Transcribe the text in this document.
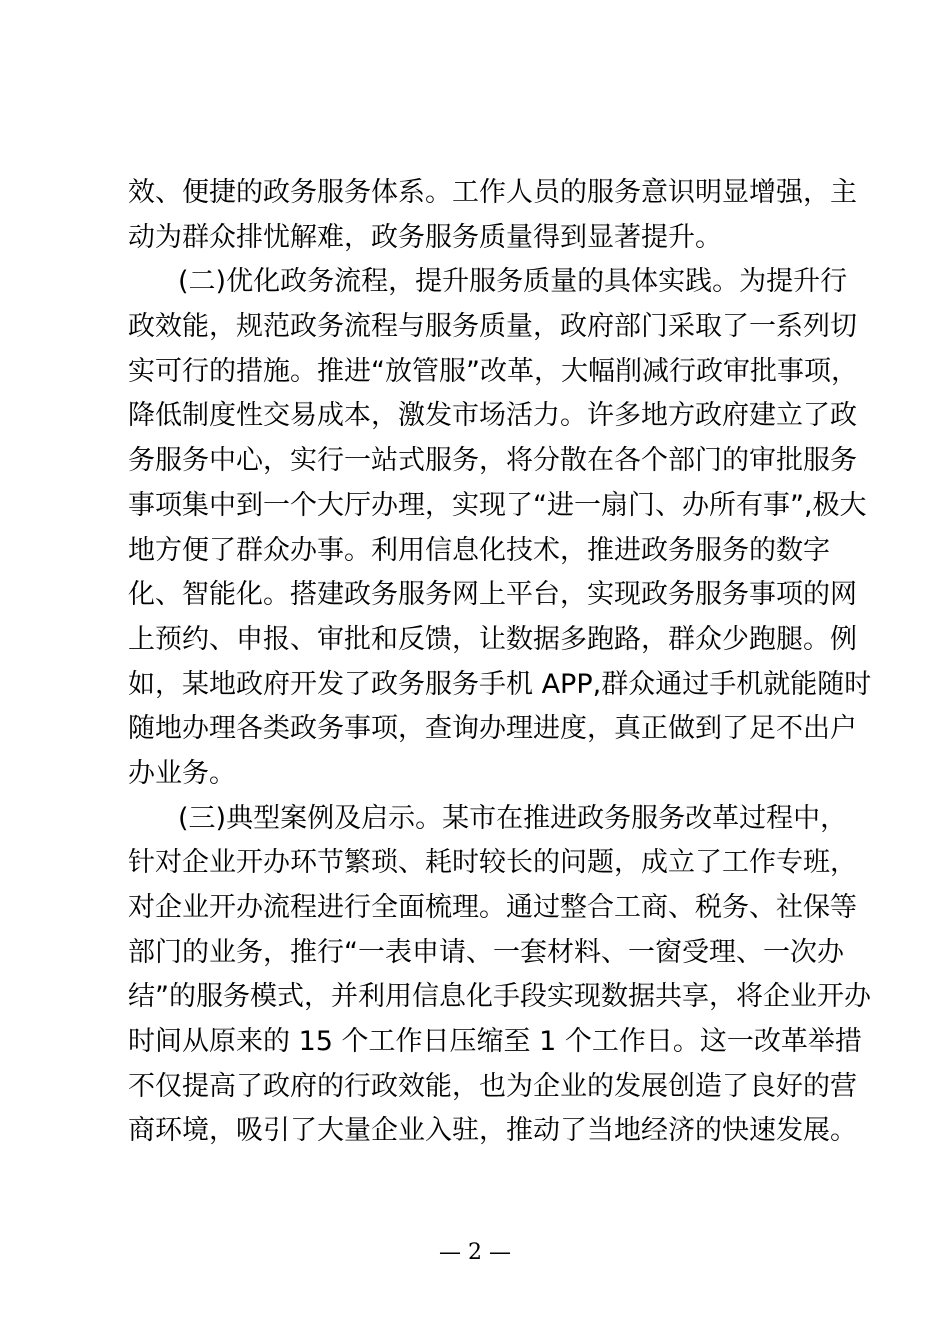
效、便捷的政务服务体系。工作人员的服务意识明显增强，主
动为群众排忧解难，政务服务质量得到显著提升。
(二)优化政务流程，提升服务质量的具体实践。为提升行
政效能，规范政务流程与服务质量，政府部门采取了一系列切
实可行的措施。推进“放管服”改革，大幅削减行政审批事项，
降低制度性交易成本，激发市场活力。许多地方政府建立了政
务服务中心，实行一站式服务，将分散在各个部门的审批服务
事项集中到一个大厅办理，实现了“进一扇门、办所有事”,极大
地方便了群众办事。利用信息化技术，推进政务服务的数字
化、智能化。搭建政务服务网上平台，实现政务服务事项的网
上预约、申报、审批和反馈，让数据多跑路，群众少跑腿。例
如，某地政府开发了政务服务手机 APP,群众通过手机就能随时
随地办理各类政务事项，查询办理进度，真正做到了足不出户
办业务。
(三)典型案例及启示。某市在推进政务服务改革过程中，
针对企业开办环节繁琐、耗时较长的问题，成立了工作专班，
对企业开办流程进行全面梳理。通过整合工商、税务、社保等
部门的业务，推行“一表申请、一套材料、一窗受理、一次办
结”的服务模式，并利用信息化手段实现数据共享，将企业开办
时间从原来的 15 个工作日压缩至 1 个工作日。这一改革举措
不仅提高了政府的行政效能，也为企业的发展创造了良好的营
商环境，吸引了大量企业入驻，推动了当地经济的快速发展。
— 2 —
